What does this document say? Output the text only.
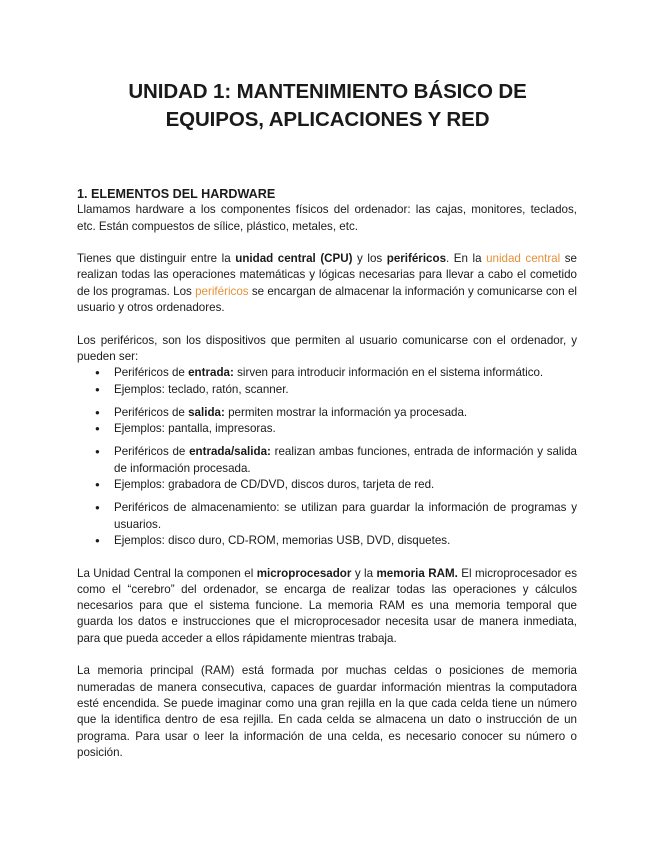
UNIDAD 1: MANTENIMIENTO BÁSICO DE
EQUIPOS, APLICACIONES Y RED
1. ELEMENTOS DEL HARDWARE

Llamamos hardware a los componentes físicos del ordenador: las cajas, monitores, teclados, etc. Están compuestos de sílice, plástico, metales, etc.

Tienes que distinguir entre la unidad central (CPU) y los periféricos. En la unidad central se realizan todas las operaciones matemáticas y lógicas necesarias para llevar a cabo el cometido de los programas. Los periféricos se encargan de almacenar la información y comunicarse con el usuario y otros ordenadores.

Los periféricos, son los dispositivos que permiten al usuario comunicarse con el ordenador, y pueden ser:

● Periféricos de entrada: sirven para introducir información en el sistema informático.
● Ejemplos: teclado, ratón, scanner.
● Periféricos de salida: permiten mostrar la información ya procesada.
● Ejemplos: pantalla, impresoras.
● Periféricos de entrada/salida: realizan ambas funciones, entrada de información y salida de información procesada.
● Ejemplos: grabadora de CD/DVD, discos duros, tarjeta de red.
● Periféricos de almacenamiento: se utilizan para guardar la información de programas y usuarios.
● Ejemplos: disco duro, CD-ROM, memorias USB, DVD, disquetes.

La Unidad Central la componen el microprocesador y la memoria RAM. El microprocesador es como el “cerebro” del ordenador, se encarga de realizar todas las operaciones y cálculos necesarios para que el sistema funcione. La memoria RAM es una memoria temporal que guarda los datos e instrucciones que el microprocesador necesita usar de manera inmediata, para que pueda acceder a ellos rápidamente mientras trabaja.

La memoria principal (RAM) está formada por muchas celdas o posiciones de memoria numeradas de manera consecutiva, capaces de guardar información mientras la computadora esté encendida. Se puede imaginar como una gran rejilla en la que cada celda tiene un número que la identifica dentro de esa rejilla. En cada celda se almacena un dato o instrucción de un programa. Para usar o leer la información de una celda, es necesario conocer su número o posición.
